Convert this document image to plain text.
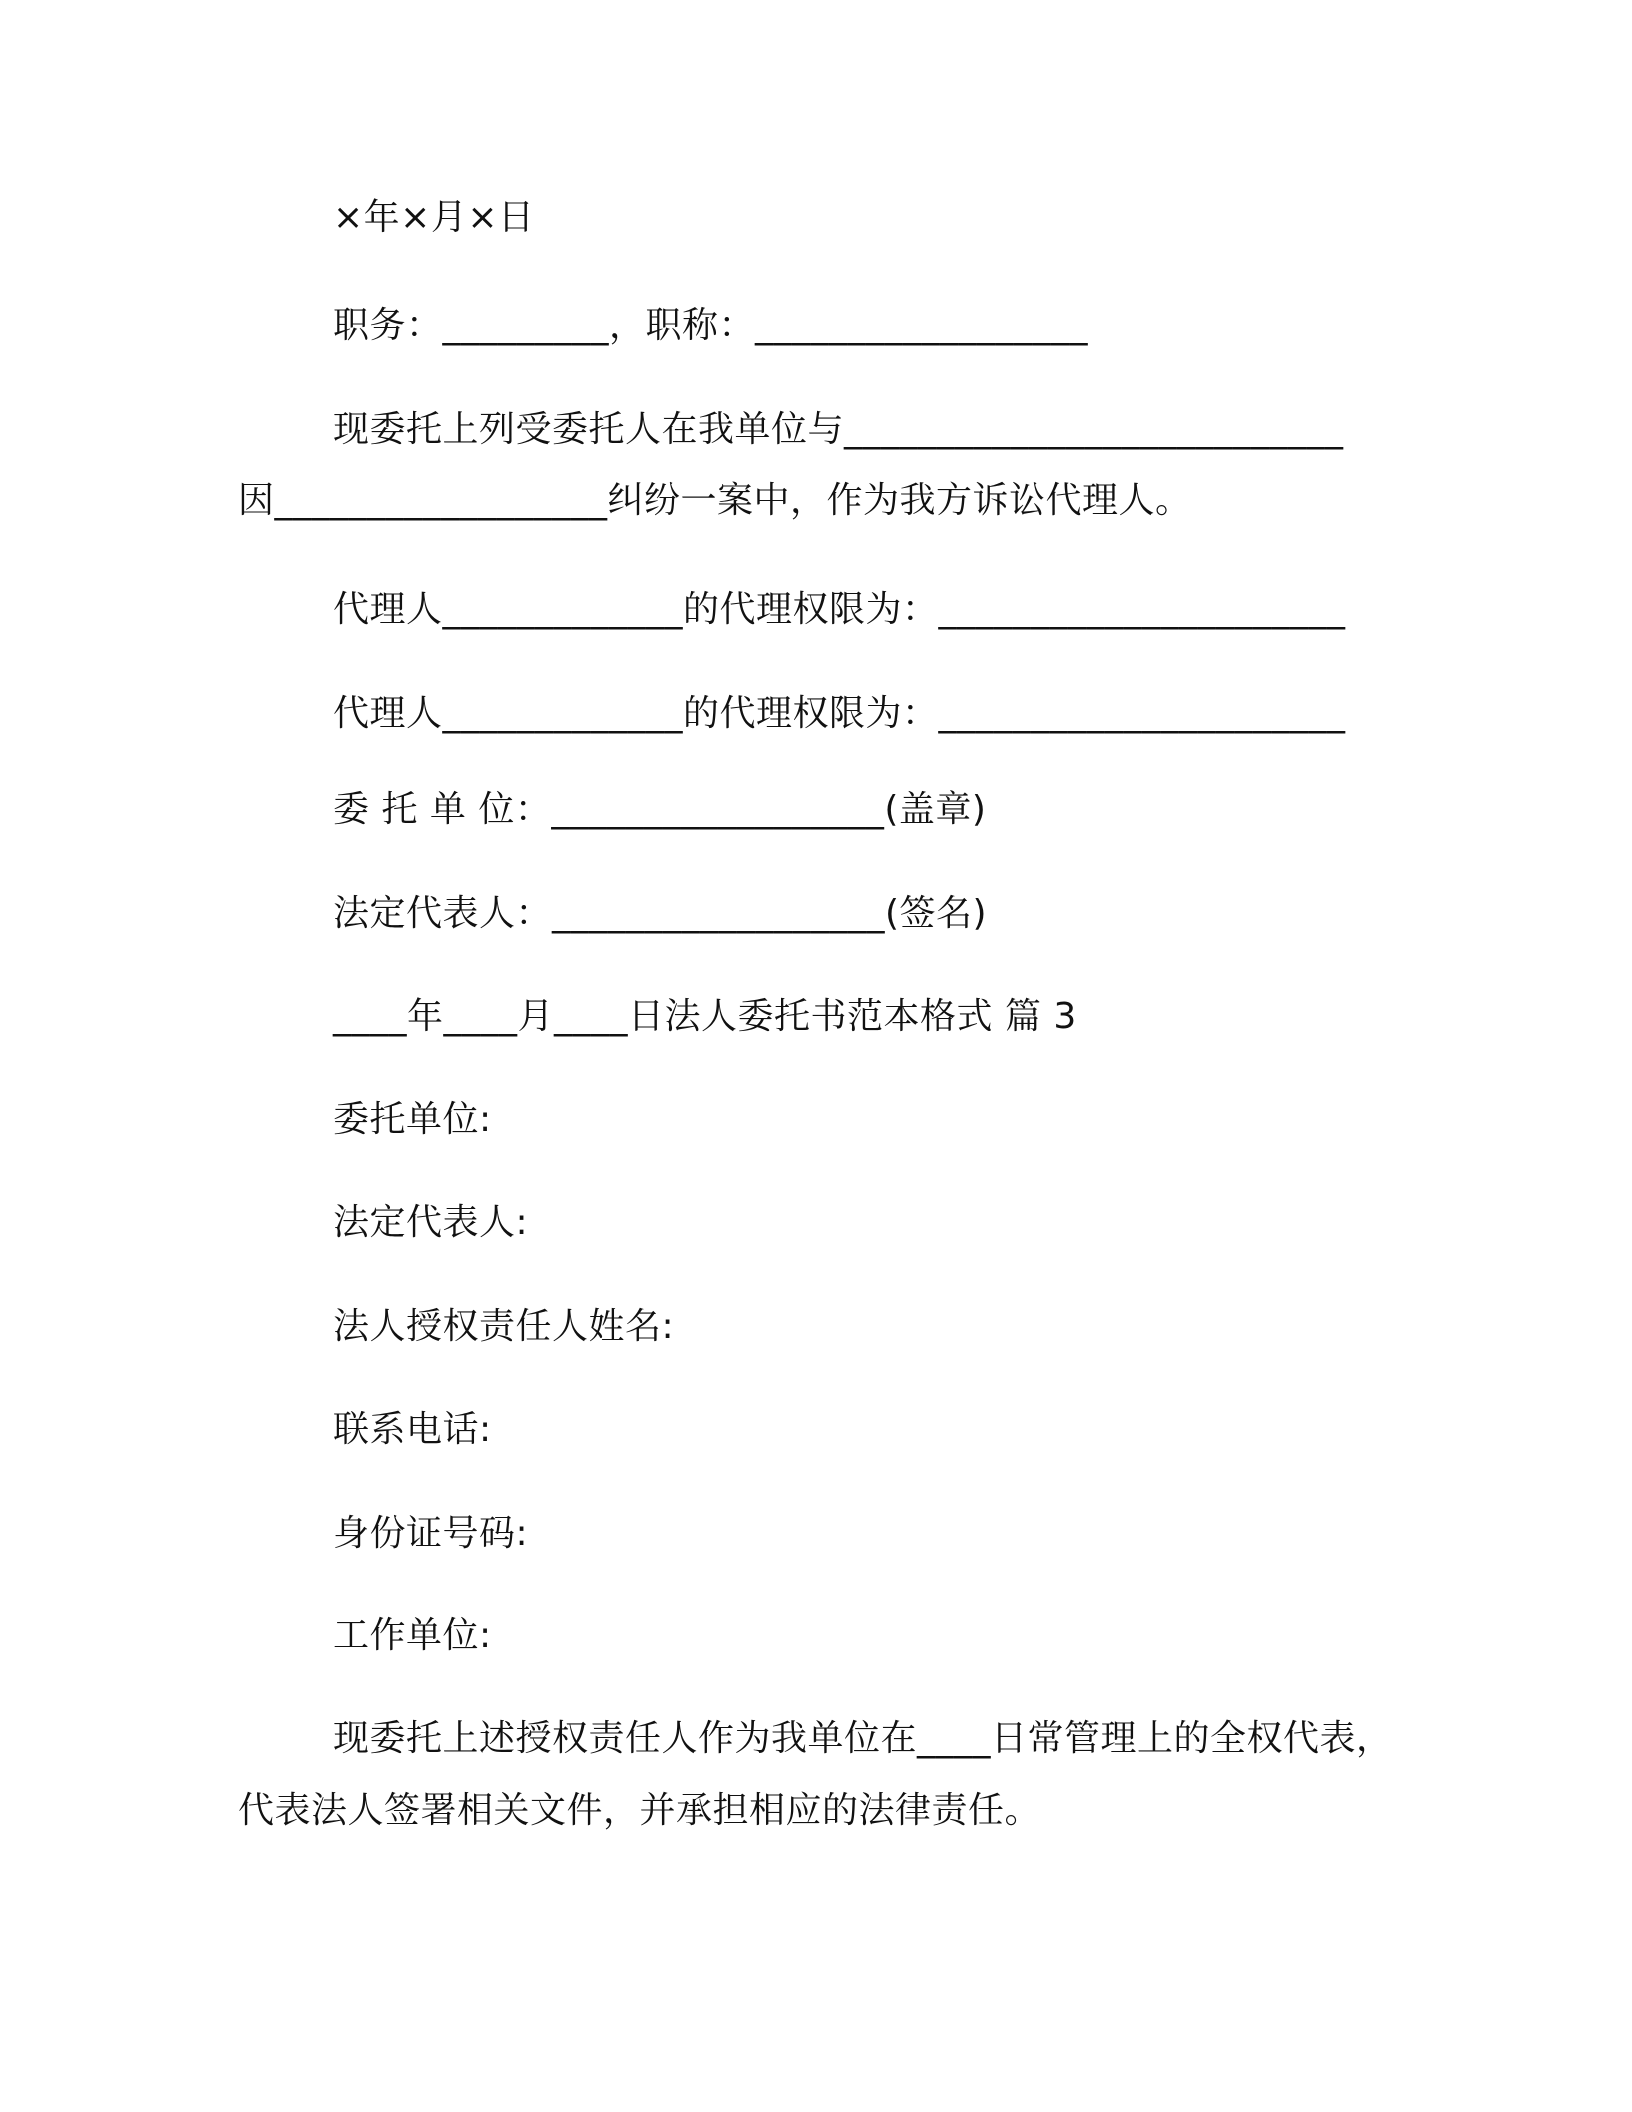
×年×月×日
职务：_________，职称：__________________
现委托上列受委托人在我单位与___________________________
因__________________纠纷一案中，作为我方诉讼代理人。
代理人_____________的代理权限为：______________________
代理人_____________的代理权限为：______________________
委 托 单 位：__________________(盖章)
法定代表人：__________________(签名)
____年____月____日法人委托书范本格式 篇 3
委托单位:
法定代表人:
法人授权责任人姓名:
联系电话:
身份证号码:
工作单位:
现委托上述授权责任人作为我单位在____日常管理上的全权代表，
代表法人签署相关文件，并承担相应的法律责任。
